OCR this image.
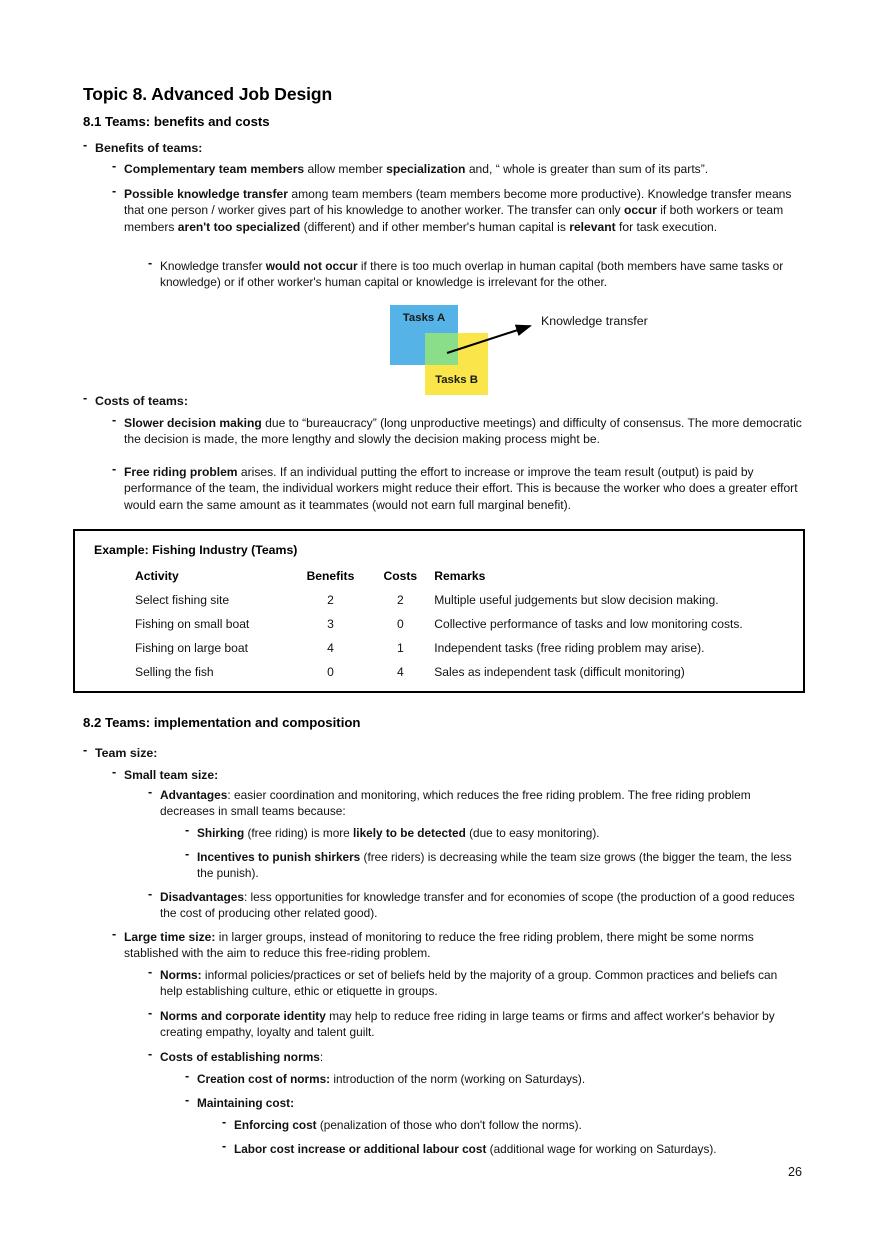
Topic 8. Advanced Job Design
8.1 Teams: benefits and costs
- Benefits of teams:
- Complementary team members allow member specialization and, “ whole is greater than sum of its parts”.
- Possible knowledge transfer among team members (team members become more productive). Knowledge transfer means that one person / worker gives part of his knowledge to another worker. The transfer can only occur if both workers or team members aren't too specialized (different) and if other member's human capital is relevant for task execution.
- Knowledge transfer would not occur if there is too much overlap in human capital (both members have same tasks or knowledge) or if other worker's human capital or knowledge is irrelevant for the other.
Tasks A
Tasks B
Knowledge transfer
- Costs of teams:
- Slower decision making due to “bureaucracy” (long unproductive meetings) and difficulty of consensus. The more democratic the decision is made, the more lengthy and slowly the decision making process might be.
- Free riding problem arises. If an individual putting the effort to increase or improve the team result (output) is paid by performance of the team, the individual workers might reduce their effort. This is because the worker who does a greater effort would earn the same amount as it teammates (would not earn full marginal benefit).
Example: Fishing Industry (Teams)
Activity	Benefits	Costs	Remarks
Select fishing site	2	2	Multiple useful judgements but slow decision making.
Fishing on small boat	3	0	Collective performance of tasks and low monitoring costs.
Fishing on large boat	4	1	Independent tasks (free riding problem may arise).
Selling the fish	0	4	Sales as independent task (difficult monitoring)
8.2 Teams: implementation and composition
- Team size:
- Small team size:
- Advantages: easier coordination and monitoring, which reduces the free riding problem. The free riding problem decreases in small teams because:
- Shirking (free riding) is more likely to be detected (due to easy monitoring).
- Incentives to punish shirkers (free riders) is decreasing while the team size grows (the bigger the team, the less the punish).
- Disadvantages: less opportunities for knowledge transfer and for economies of scope (the production of a good reduces the cost of producing other related good).
- Large time size: in larger groups, instead of monitoring to reduce the free riding problem, there might be some norms stablished with the aim to reduce this free-riding problem.
- Norms: informal policies/practices or set of beliefs held by the majority of a group. Common practices and beliefs can help establishing culture, ethic or etiquette in groups.
- Norms and corporate identity may help to reduce free riding in large teams or firms and affect worker's behavior by creating empathy, loyalty and talent guilt.
- Costs of establishing norms:
- Creation cost of norms: introduction of the norm (working on Saturdays).
- Maintaining cost:
- Enforcing cost (penalization of those who don't follow the norms).
- Labor cost increase or additional labour cost (additional wage for working on Saturdays).
26
